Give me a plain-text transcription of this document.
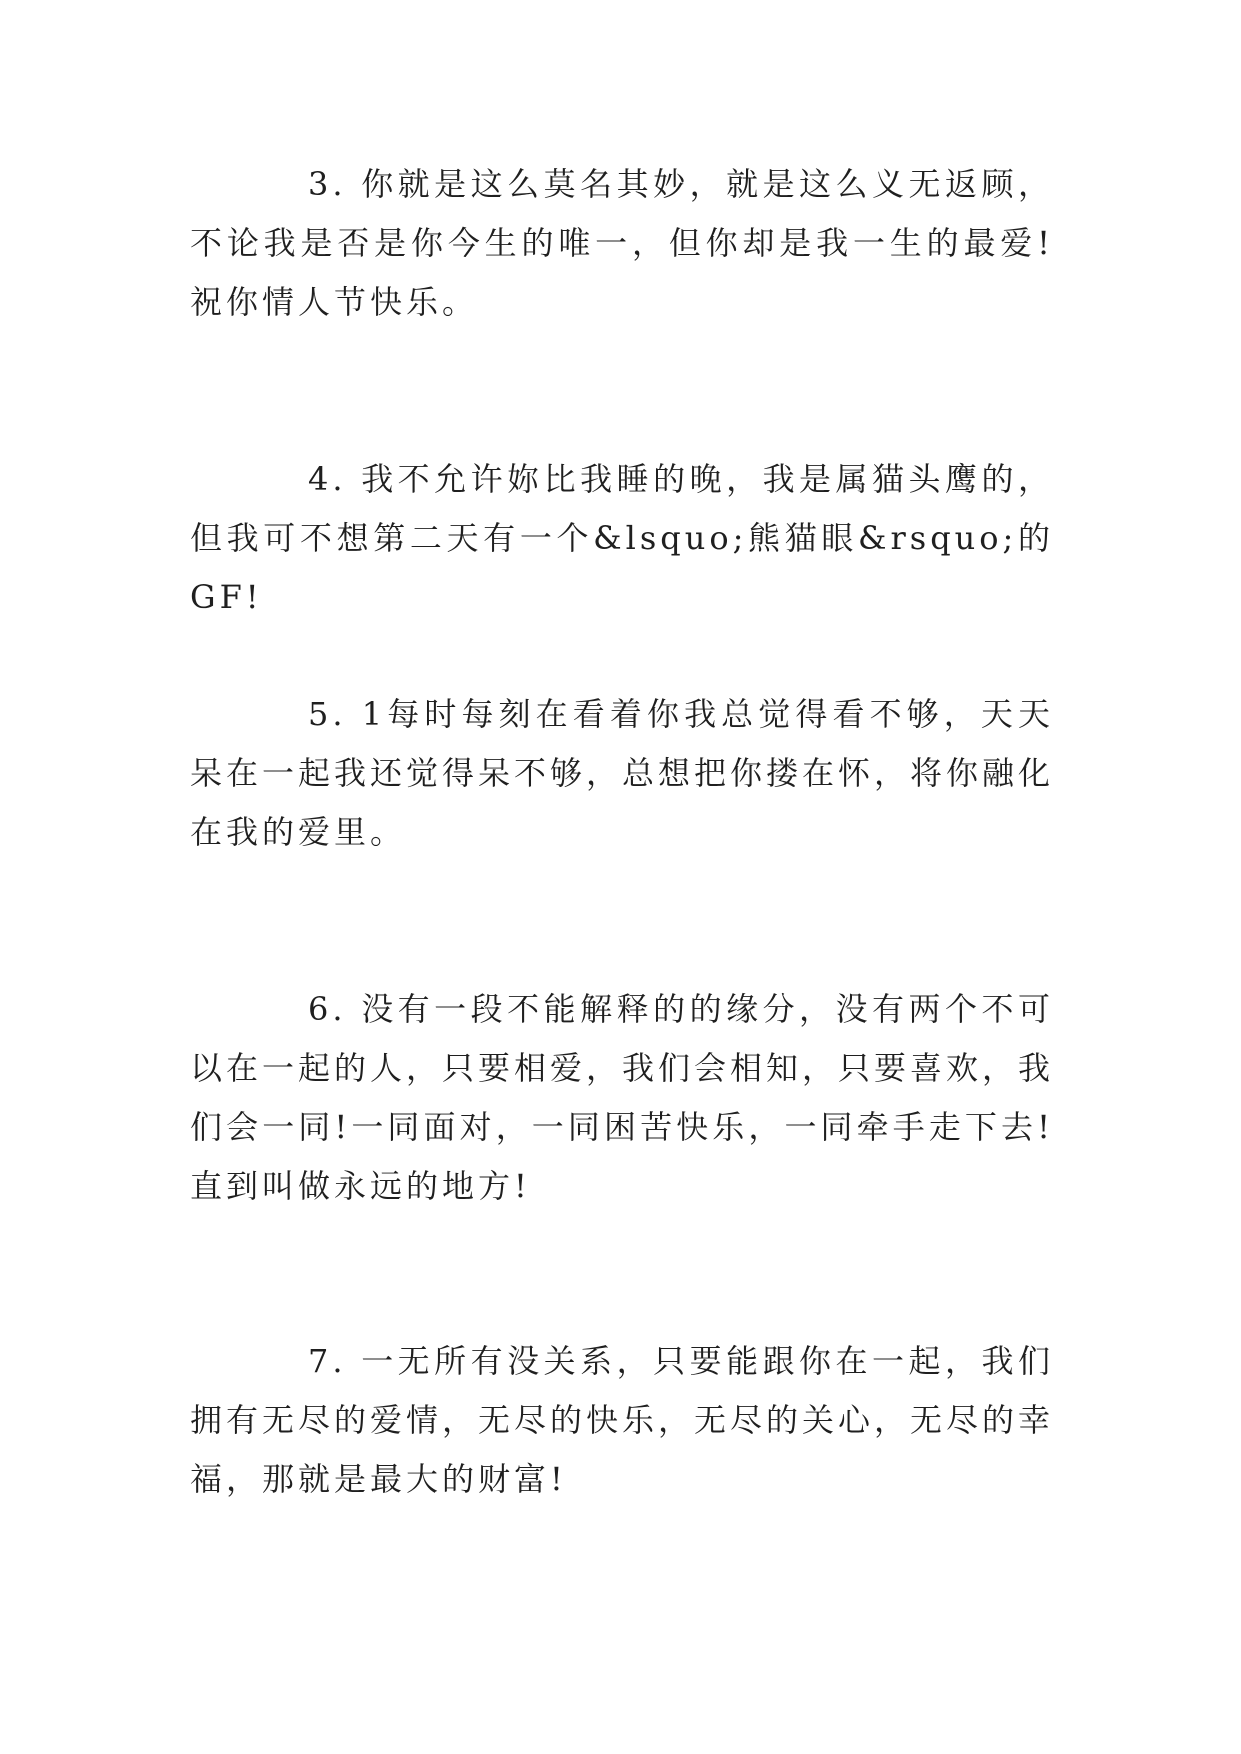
3. 你就是这么莫名其妙，就是这么义无返顾，不论我是否是你今生的唯一，但你却是我一生的最爱!祝你情人节快乐。

4. 我不允许妳比我睡的晚，我是属猫头鹰的，但我可不想第二天有一个&lsquo;熊猫眼&rsquo;的GF!

5. 1每时每刻在看着你我总觉得看不够，天天呆在一起我还觉得呆不够，总想把你搂在怀，将你融化在我的爱里。

6. 没有一段不能解释的的缘分，没有两个不可以在一起的人，只要相爱，我们会相知，只要喜欢，我们会一同!一同面对，一同困苦快乐，一同牵手走下去!直到叫做永远的地方!

7. 一无所有没关系，只要能跟你在一起，我们拥有无尽的爱情，无尽的快乐，无尽的关心，无尽的幸福，那就是最大的财富!
